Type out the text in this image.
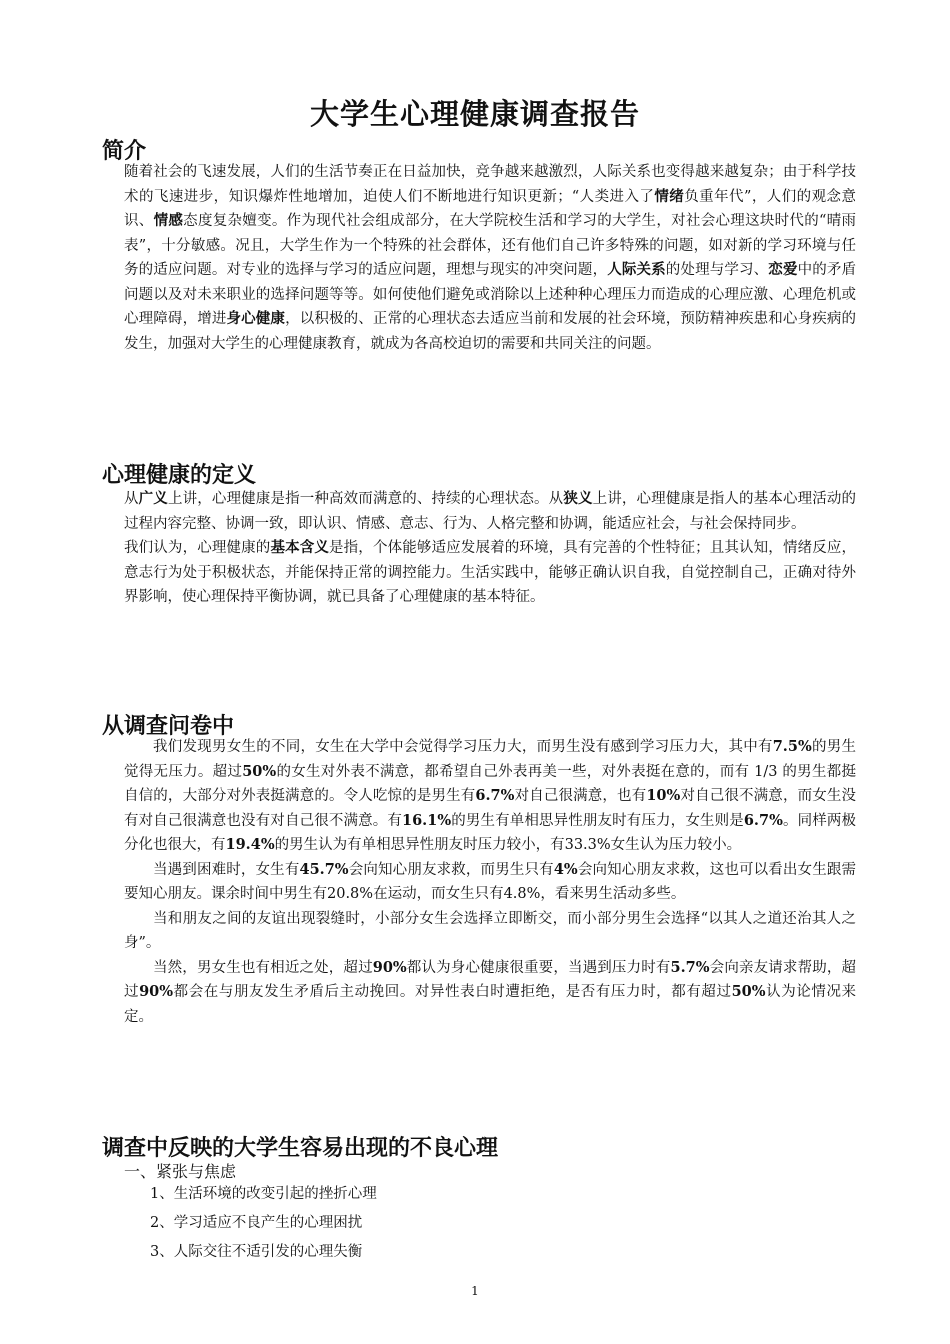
大学生心理健康调查报告
简介

随着社会的飞速发展，人们的生活节奏正在日益加快，竞争越来越激烈，人际关系也变得越来越复杂；由于科学技术的飞速进步，知识爆炸性地增加，迫使人们不断地进行知识更新；“人类进入了情绪负重年代”，人们的观念意识、情感态度复杂嬗变。作为现代社会组成部分，在大学院校生活和学习的大学生，对社会心理这块时代的“晴雨表”，十分敏感。况且，大学生作为一个特殊的社会群体，还有他们自己许多特殊的问题，如对新的学习环境与任务的适应问题。对专业的选择与学习的适应问题，理想与现实的冲突问题，人际关系的处理与学习、恋爱中的矛盾问题以及对未来职业的选择问题等等。如何使他们避免或消除以上述种种心理压力而造成的心理应激、心理危机或心理障碍，增进身心健康，以积极的、正常的心理状态去适应当前和发展的社会环境，预防精神疾患和心身疾病的发生，加强对大学生的心理健康教育，就成为各高校迫切的需要和共同关注的问题。

心理健康的定义

从广义上讲，心理健康是指一种高效而满意的、持续的心理状态。从狭义上讲，心理健康是指人的基本心理活动的过程内容完整、协调一致，即认识、情感、意志、行为、人格完整和协调，能适应社会，与社会保持同步。

我们认为，心理健康的基本含义是指，个体能够适应发展着的环境，具有完善的个性特征；且其认知，情绪反应，意志行为处于积极状态，并能保持正常的调控能力。生活实践中，能够正确认识自我，自觉控制自己，正确对待外界影响，使心理保持平衡协调，就已具备了心理健康的基本特征。

从调查问卷中

我们发现男女生的不同，女生在大学中会觉得学习压力大，而男生没有感到学习压力大，其中有7.5%的男生觉得无压力。超过50%的女生对外表不满意，都希望自己外表再美一些，对外表挺在意的，而有 1/3 的男生都挺自信的，大部分对外表挺满意的。令人吃惊的是男生有6.7%对自己很满意，也有10%对自己很不满意，而女生没有对自己很满意也没有对自己很不满意。有16.1%的男生有单相思异性朋友时有压力，女生则是6.7%。同样两极分化也很大，有19.4%的男生认为有单相思异性朋友时压力较小，有33.3%女生认为压力较小。

当遇到困难时，女生有45.7%会向知心朋友求救，而男生只有4%会向知心朋友求救，这也可以看出女生跟需要知心朋友。课余时间中男生有20.8%在运动，而女生只有4.8%，看来男生活动多些。

当和朋友之间的友谊出现裂缝时，小部分女生会选择立即断交，而小部分男生会选择“以其人之道还治其人之身”。

当然，男女生也有相近之处，超过90%都认为身心健康很重要，当遇到压力时有5.7%会向亲友请求帮助，超过90%都会在与朋友发生矛盾后主动挽回。对异性表白时遭拒绝，是否有压力时，都有超过50%认为论情况来定。

调查中反映的大学生容易出现的不良心理
一、紧张与焦虑
1、生活环境的改变引起的挫折心理
2、学习适应不良产生的心理困扰
3、人际交往不适引发的心理失衡
1
